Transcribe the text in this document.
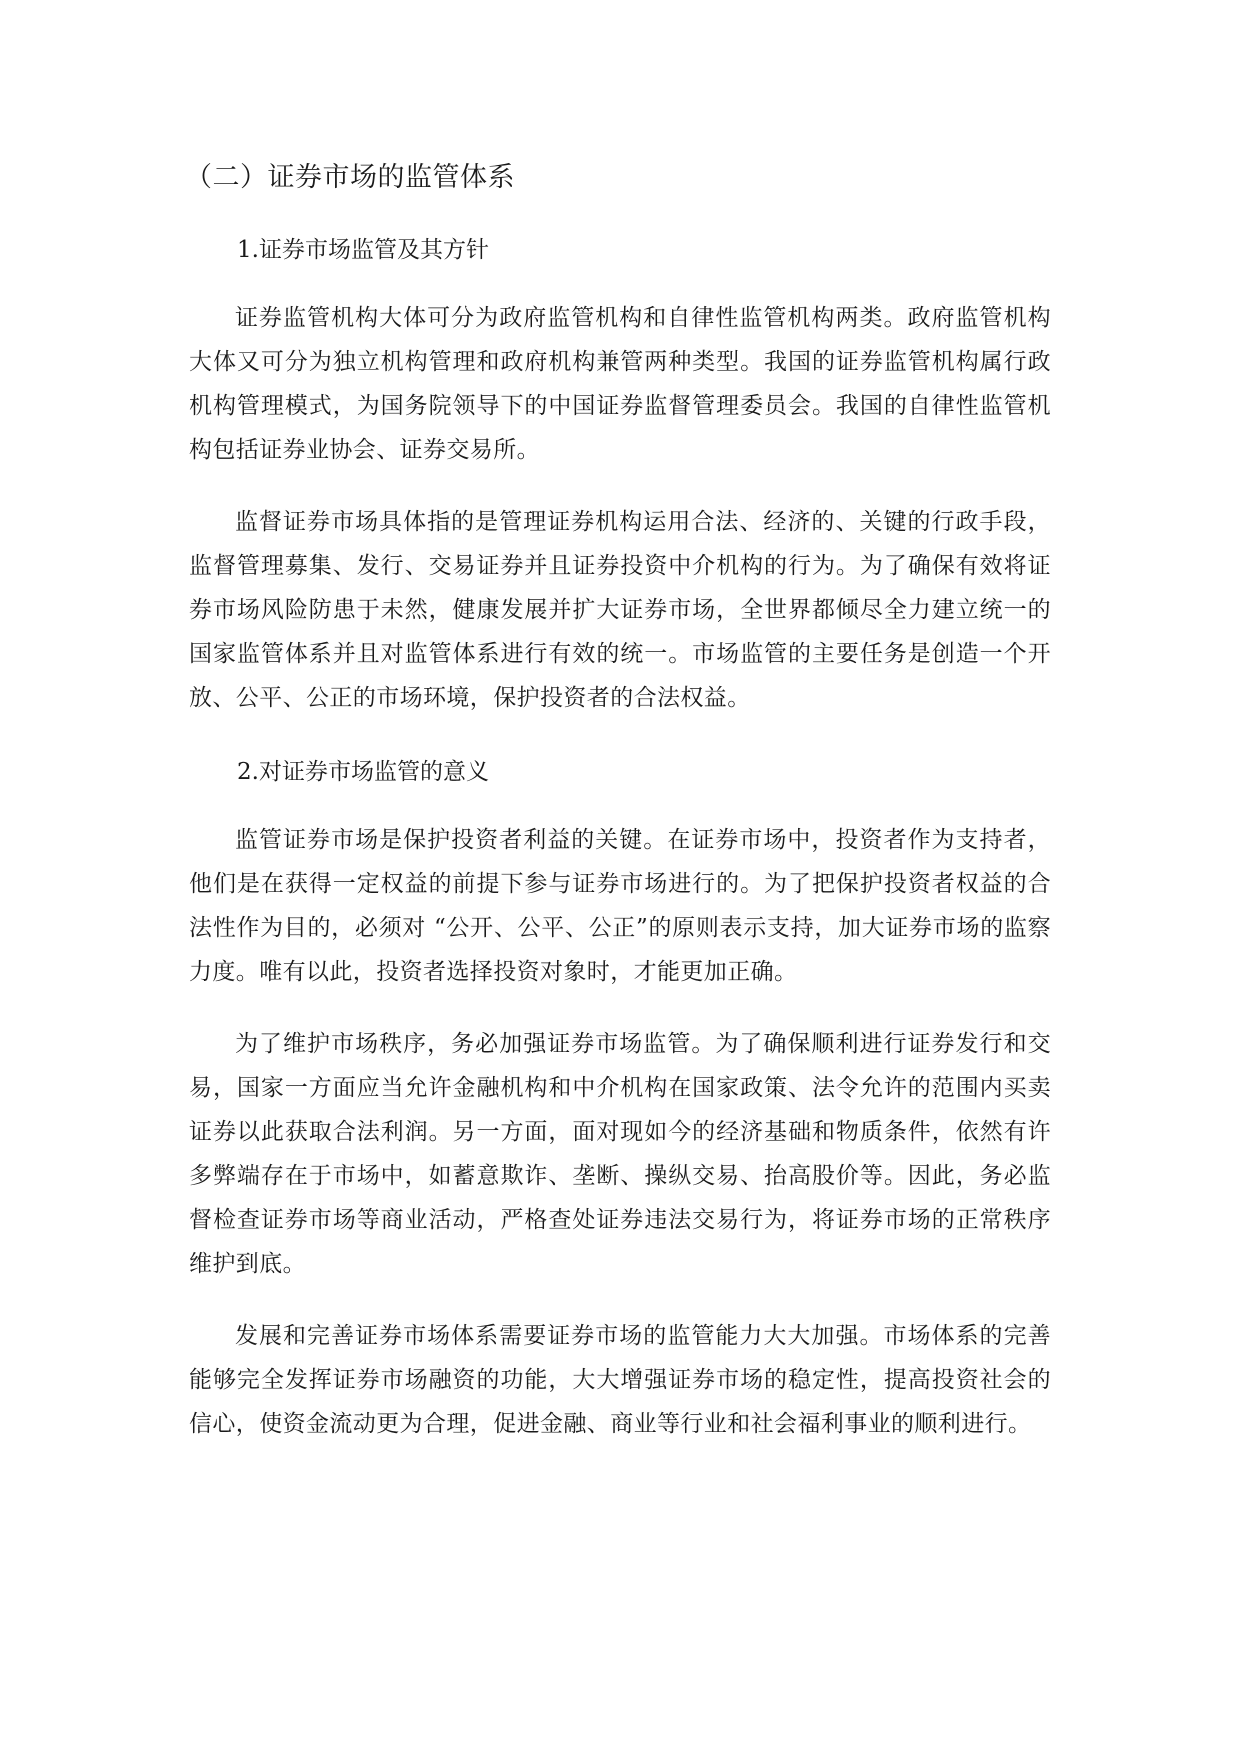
（二）证券市场的监管体系
1.证券市场监管及其方针

证券监管机构大体可分为政府监管机构和自律性监管机构两类。政府监管机构大体又可分为独立机构管理和政府机构兼管两种类型。我国的证券监管机构属行政机构管理模式，为国务院领导下的中国证券监督管理委员会。我国的自律性监管机构包括证券业协会、证券交易所。

监督证券市场具体指的是管理证券机构运用合法、经济的、关键的行政手段，监督管理募集、发行、交易证券并且证券投资中介机构的行为。为了确保有效将证券市场风险防患于未然，健康发展并扩大证券市场，全世界都倾尽全力建立统一的国家监管体系并且对监管体系进行有效的统一。市场监管的主要任务是创造一个开放、公平、公正的市场环境，保护投资者的合法权益。

2.对证券市场监管的意义

监管证券市场是保护投资者利益的关键。在证券市场中，投资者作为支持者，他们是在获得一定权益的前提下参与证券市场进行的。为了把保护投资者权益的合法性作为目的，必须对 “公开、公平、公正”的原则表示支持，加大证券市场的监察力度。唯有以此，投资者选择投资对象时，才能更加正确。

为了维护市场秩序，务必加强证券市场监管。为了确保顺利进行证券发行和交易，国家一方面应当允许金融机构和中介机构在国家政策、法令允许的范围内买卖证券以此获取合法利润。另一方面，面对现如今的经济基础和物质条件，依然有许多弊端存在于市场中，如蓄意欺诈、垄断、操纵交易、抬高股价等。因此，务必监督检查证券市场等商业活动，严格查处证券违法交易行为，将证券市场的正常秩序维护到底。

发展和完善证券市场体系需要证券市场的监管能力大大加强。市场体系的完善能够完全发挥证券市场融资的功能，大大增强证券市场的稳定性，提高投资社会的信心，使资金流动更为合理，促进金融、商业等行业和社会福利事业的顺利进行。
